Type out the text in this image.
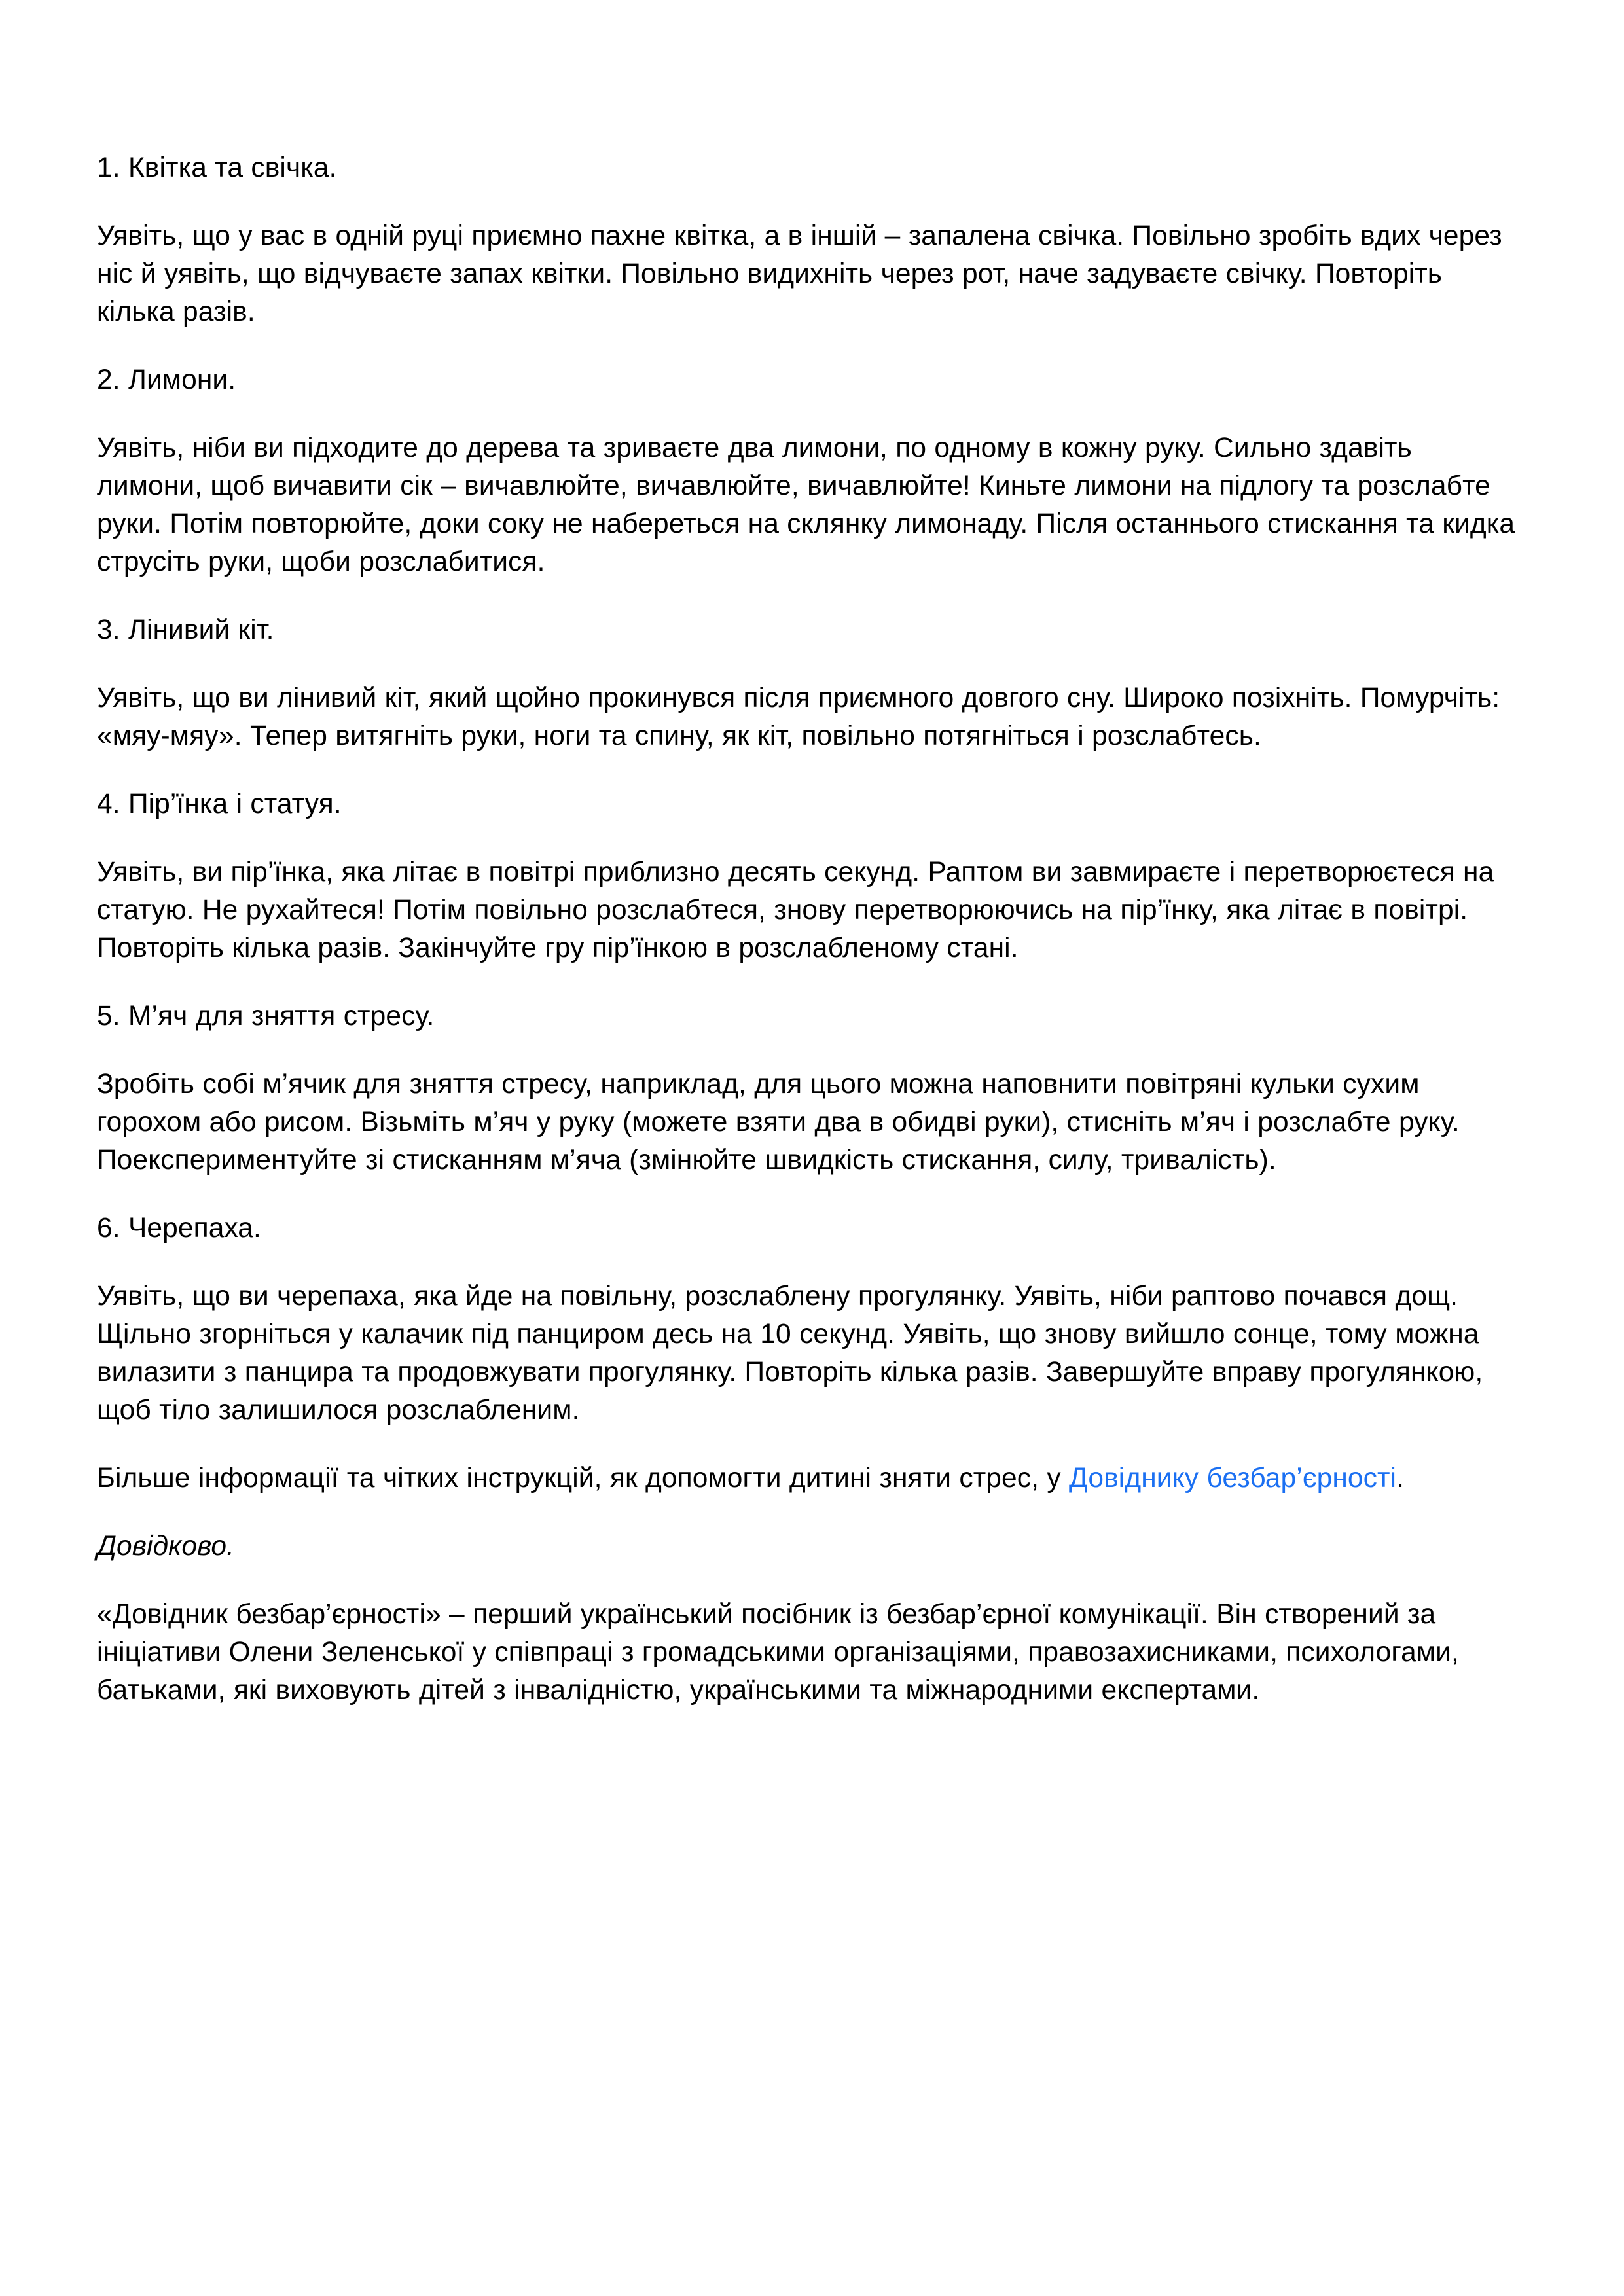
1. Квітка та свічка.

Уявіть, що у вас в одній руці приємно пахне квітка, а в іншій – запалена свічка. Повільно зробіть вдих через ніс й уявіть, що відчуваєте запах квітки. Повільно видихніть через рот, наче задуваєте свічку. Повторіть кілька разів.

2. Лимони.

Уявіть, ніби ви підходите до дерева та зриваєте два лимони, по одному в кожну руку. Сильно здавіть лимони, щоб вичавити сік – вичавлюйте, вичавлюйте, вичавлюйте! Киньте лимони на підлогу та розслабте руки. Потім повторюйте, доки соку не набереться на склянку лимонаду. Після останнього стискання та кидка струсіть руки, щоби розслабитися.

3. Лінивий кіт.

Уявіть, що ви лінивий кіт, який щойно прокинувся після приємного довгого сну. Широко позіхніть. Помурчіть: «мяу-мяу». Тепер витягніть руки, ноги та спину, як кіт, повільно потягніться і розслабтесь.

4. Пір’їнка і статуя.

Уявіть, ви пір’їнка, яка літає в повітрі приблизно десять секунд. Раптом ви завмираєте і перетворюєтеся на статую. Не рухайтеся! Потім повільно розслабтеся, знову перетворюючись на пір’їнку, яка літає в повітрі. Повторіть кілька разів. Закінчуйте гру пір’їнкою в розслабленому стані.

5. М’яч для зняття стресу.

Зробіть собі м’ячик для зняття стресу, наприклад, для цього можна наповнити повітряні кульки сухим горохом або рисом. Візьміть м’яч у руку (можете взяти два в обидві руки), стисніть м’яч і розслабте руку. Поекспериментуйте зі стисканням м’яча (змінюйте швидкість стискання, силу, тривалість).

6. Черепаха.

Уявіть, що ви черепаха, яка йде на повільну, розслаблену прогулянку. Уявіть, ніби раптово почався дощ. Щільно згорніться у калачик під панциром десь на 10 секунд. Уявіть, що знову вийшло сонце, тому можна вилазити з панцира та продовжувати прогулянку. Повторіть кілька разів. Завершуйте вправу прогулянкою, щоб тіло залишилося розслабленим.

Більше інформації та чітких інструкцій, як допомогти дитині зняти стрес, у Довіднику безбар’єрності.

Довідково.

«Довідник безбар’єрності» – перший український посібник із безбар’єрної комунікації. Він створений за ініціативи Олени Зеленської у співпраці з громадськими організаціями, правозахисниками, психологами, батьками, які виховують дітей з інвалідністю, українськими та міжнародними експертами.
